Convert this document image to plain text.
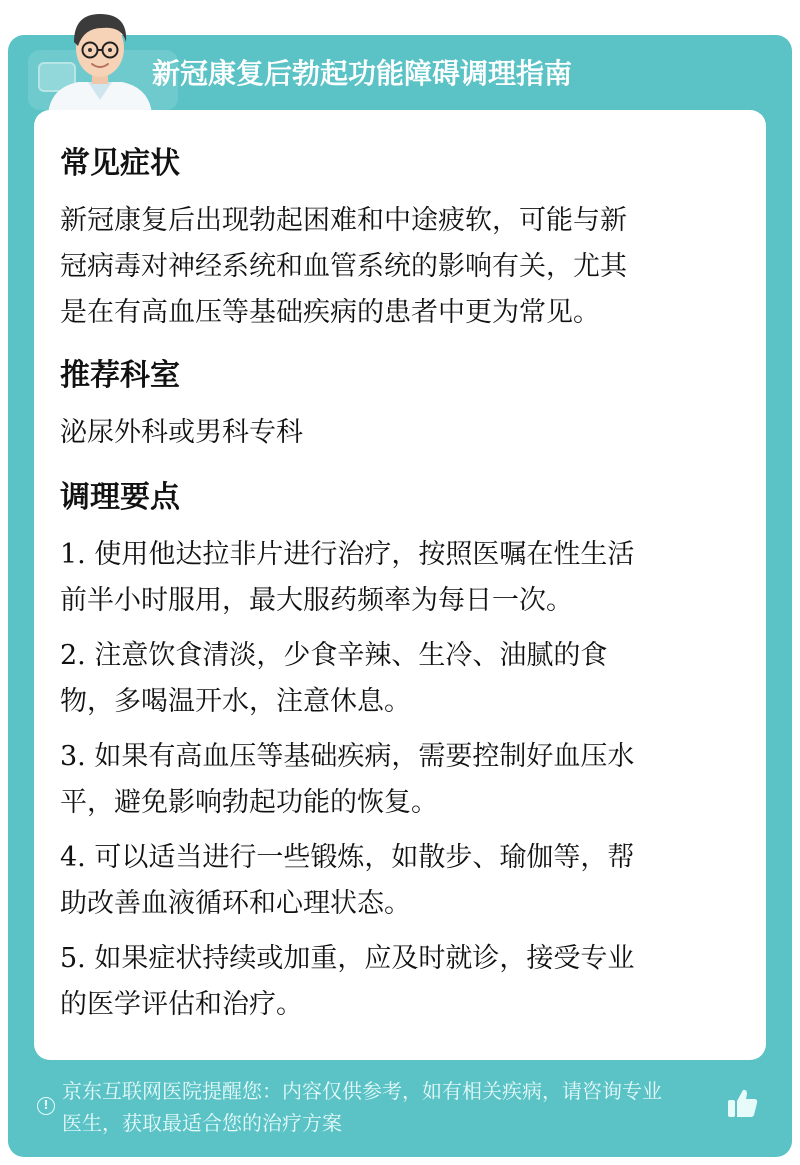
新冠康复后勃起功能障碍调理指南
常见症状
新冠康复后出现勃起困难和中途疲软，可能与新
冠病毒对神经系统和血管系统的影响有关，尤其
是在有高血压等基础疾病的患者中更为常见。
推荐科室
泌尿外科或男科专科
调理要点
1. 使用他达拉非片进行治疗，按照医嘱在性生活
前半小时服用，最大服药频率为每日一次。
2. 注意饮食清淡，少食辛辣、生冷、油腻的食
物，多喝温开水，注意休息。
3. 如果有高血压等基础疾病，需要控制好血压水
平，避免影响勃起功能的恢复。
4. 可以适当进行一些锻炼，如散步、瑜伽等，帮
助改善血液循环和心理状态。
5. 如果症状持续或加重，应及时就诊，接受专业
的医学评估和治疗。
!
京东互联网医院提醒您：内容仅供参考，如有相关疾病，请咨询专业
医生，获取最适合您的治疗方案
